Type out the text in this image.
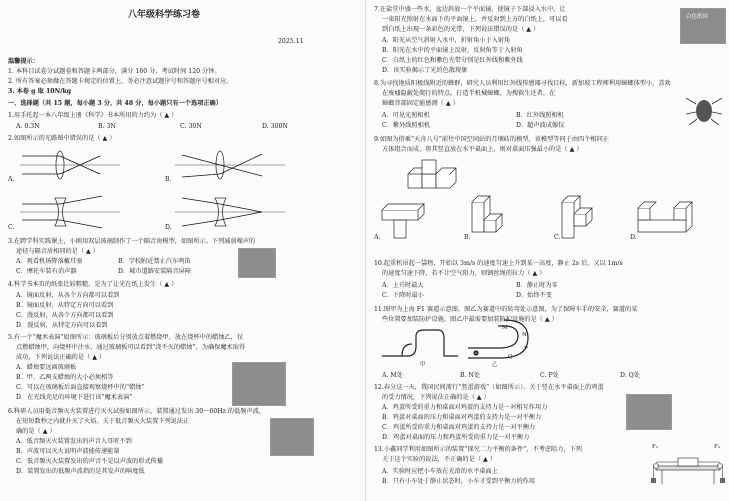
八年级科学练习卷
2025.11
温馨提示：
1. 本科目试卷分试题卷和答题卡两部分，满分 160 分，考试时间 120 分钟。
2. 所有答案必须做在答题卡规定的位置上，务必注意试题序号和答题序号相对应。
3. 本卷 g 取 10N/kg
一、选择题（共 15 题，每小题 3 分，共 48 分，每小题只有一个选项正确）
1.用手托起一本八年级上册《科学》书本所用的力约为（ ▲ ）
A. 0.3N	B. 3N	C. 30N	D. 300N
2.如图所示的光路图中错误的是（ ▲ ）
A.	B.
C.	D.
3.在跨学科实践课上，小刚用双层玻璃制作了一个隔音房模型，如图所示。下列减弱噪声的
途径与隔音房相同的是（ ▲ ）
A．观看机场降落戴耳塞	B．学校附近禁止汽车鸣笛
C．摩托车装有消声器	D．城市道路安装隔音屏障
4.科学书本页的纸张比较粗糙，是为了让光在纸上发生（ ▲ ）
A．镜面反射，从各个方向都可以看到
B．镜面反射，从特定方向可以看到
C．漫反射，从各个方向都可以看到
D．漫反射，从特定方向可以看到
5.有一个“魔术表演”如图所示：玻璃板后分别放点着燃烧甲、放在烧杯中的蜡烛乙，仅
点燃蜡烛甲，向烧杯中注水，通过玻璃板可以看到“浇不灭的蜡烛”。为确保魔术取得
成功，下列说法正确的是（ ▲ ）
A．蜡烛要远离玻璃板
B．甲、乙两支蜡烛的大小必须相等
C．可以在玻璃板后面直接观察烧杯中的“蜡烛”
D．在光线充足的环境下进行该“魔术表演”
6.科研人员用低音频灭火装置进行灭火试验如图所示，装置通过发出 30～60Hz 的低频声波，
在短短数秒之内就扑灭了火焰。关于低音频灭火装置下列说法正
确的是（ ▲ ）
A．低音频灭火装置发出的声音人耳听不到
B．声波可以灭火说明声波能传递能量
C．低音频灭火装置发出的声音不是以声波的形式传播
D．装置发出的低频声波指的是其发声的响度低
7.在盐堂中盛一些水，盆边斜放一个平面镜，使镜子下部浸入水中，让
一束阳光照射在水面下的平面镜上，并反射到上方的白纸上，可以看
到白纸上出现一条彩色的光带，下列说法错误的是（ ▲ ）
A．阳光从空气斜射入水中，折射角小于入射角
B．阳光在水中的平面镜上反射，反射角等于入射角
C．白纸上的红色和紫色光带分别是红外线和紫外线
D．该实验揭示了光的色散现象
白色纸屏
8.为寻找地质阳极线附近的蜂群，研究人员利用红外线传感器寻找目标，新加坡工程师利用蟑螂体型小，喜欢
在废墟隐蔽处爬行的特点，打造半机械蟑螂，为搜救生还者，在
蟑螂背部固定能感测（ ▲ ）
A．可见光照相机	B．红外线照相机
C．紫外线照相机	D．超声波成像仪
9.如图为搭乘“天舟八号”前往中国空间站的月壤砖的模型，该模型等同于由四个相同正
方体组合而成，将其竖直放在水平桌面上，则对桌面压强最小的是（ ▲ ）
A.	B.	C.	D.
10.起重机吊起一袋物，开始以 3m/s 的速度匀速上升到某一高度，静止 2s 后，又以 1m/s
的速度匀速下降，若不计空气阻力，则钢丝绳的拉力（ ▲ ）
A．上升时最大	B．静止时为零
C．下降时最小	D．始终不变
11.图甲为上海 F1 赛道示意图，图乙为赛道中的转弯处示意图，为了保障车手的安全，赛道的某
些位置要加装防护设施，图乙中最需要加装防护设施的是（ ▲ ）
甲	乙
M
N
P
Q
A. M处	B. N处	C. P处	D. Q处
12.春分这一天，我国民间流行“竖蛋游戏”（如图所示）。关于竖在水平桌面上的鸡蛋
的受力情况，下列说法正确的是（ ▲ ）
A．鸡蛋所受的重力和桌面对鸡蛋的支持力是一对相互作用力
B．鸡蛋对桌面的压力和桌面对鸡蛋的支持力是一对平衡力
C．鸡蛋所受的重力和桌面对鸡蛋的支持力是一对平衡力
D．鸡蛋对桌面的压力和鸡蛋所受的重力是一对平衡力
13.小鑫同学利用如图所示的装置“探究二力平衡的条件”，不考虑阻力，下列
关于这个实验的说法，不正确的是（ ▲ ）
A．实验时应把小车放在光滑的水平桌面上
B．只有小车处于静止状态时，小车才受到平衡力的作用
F₁	F₂
